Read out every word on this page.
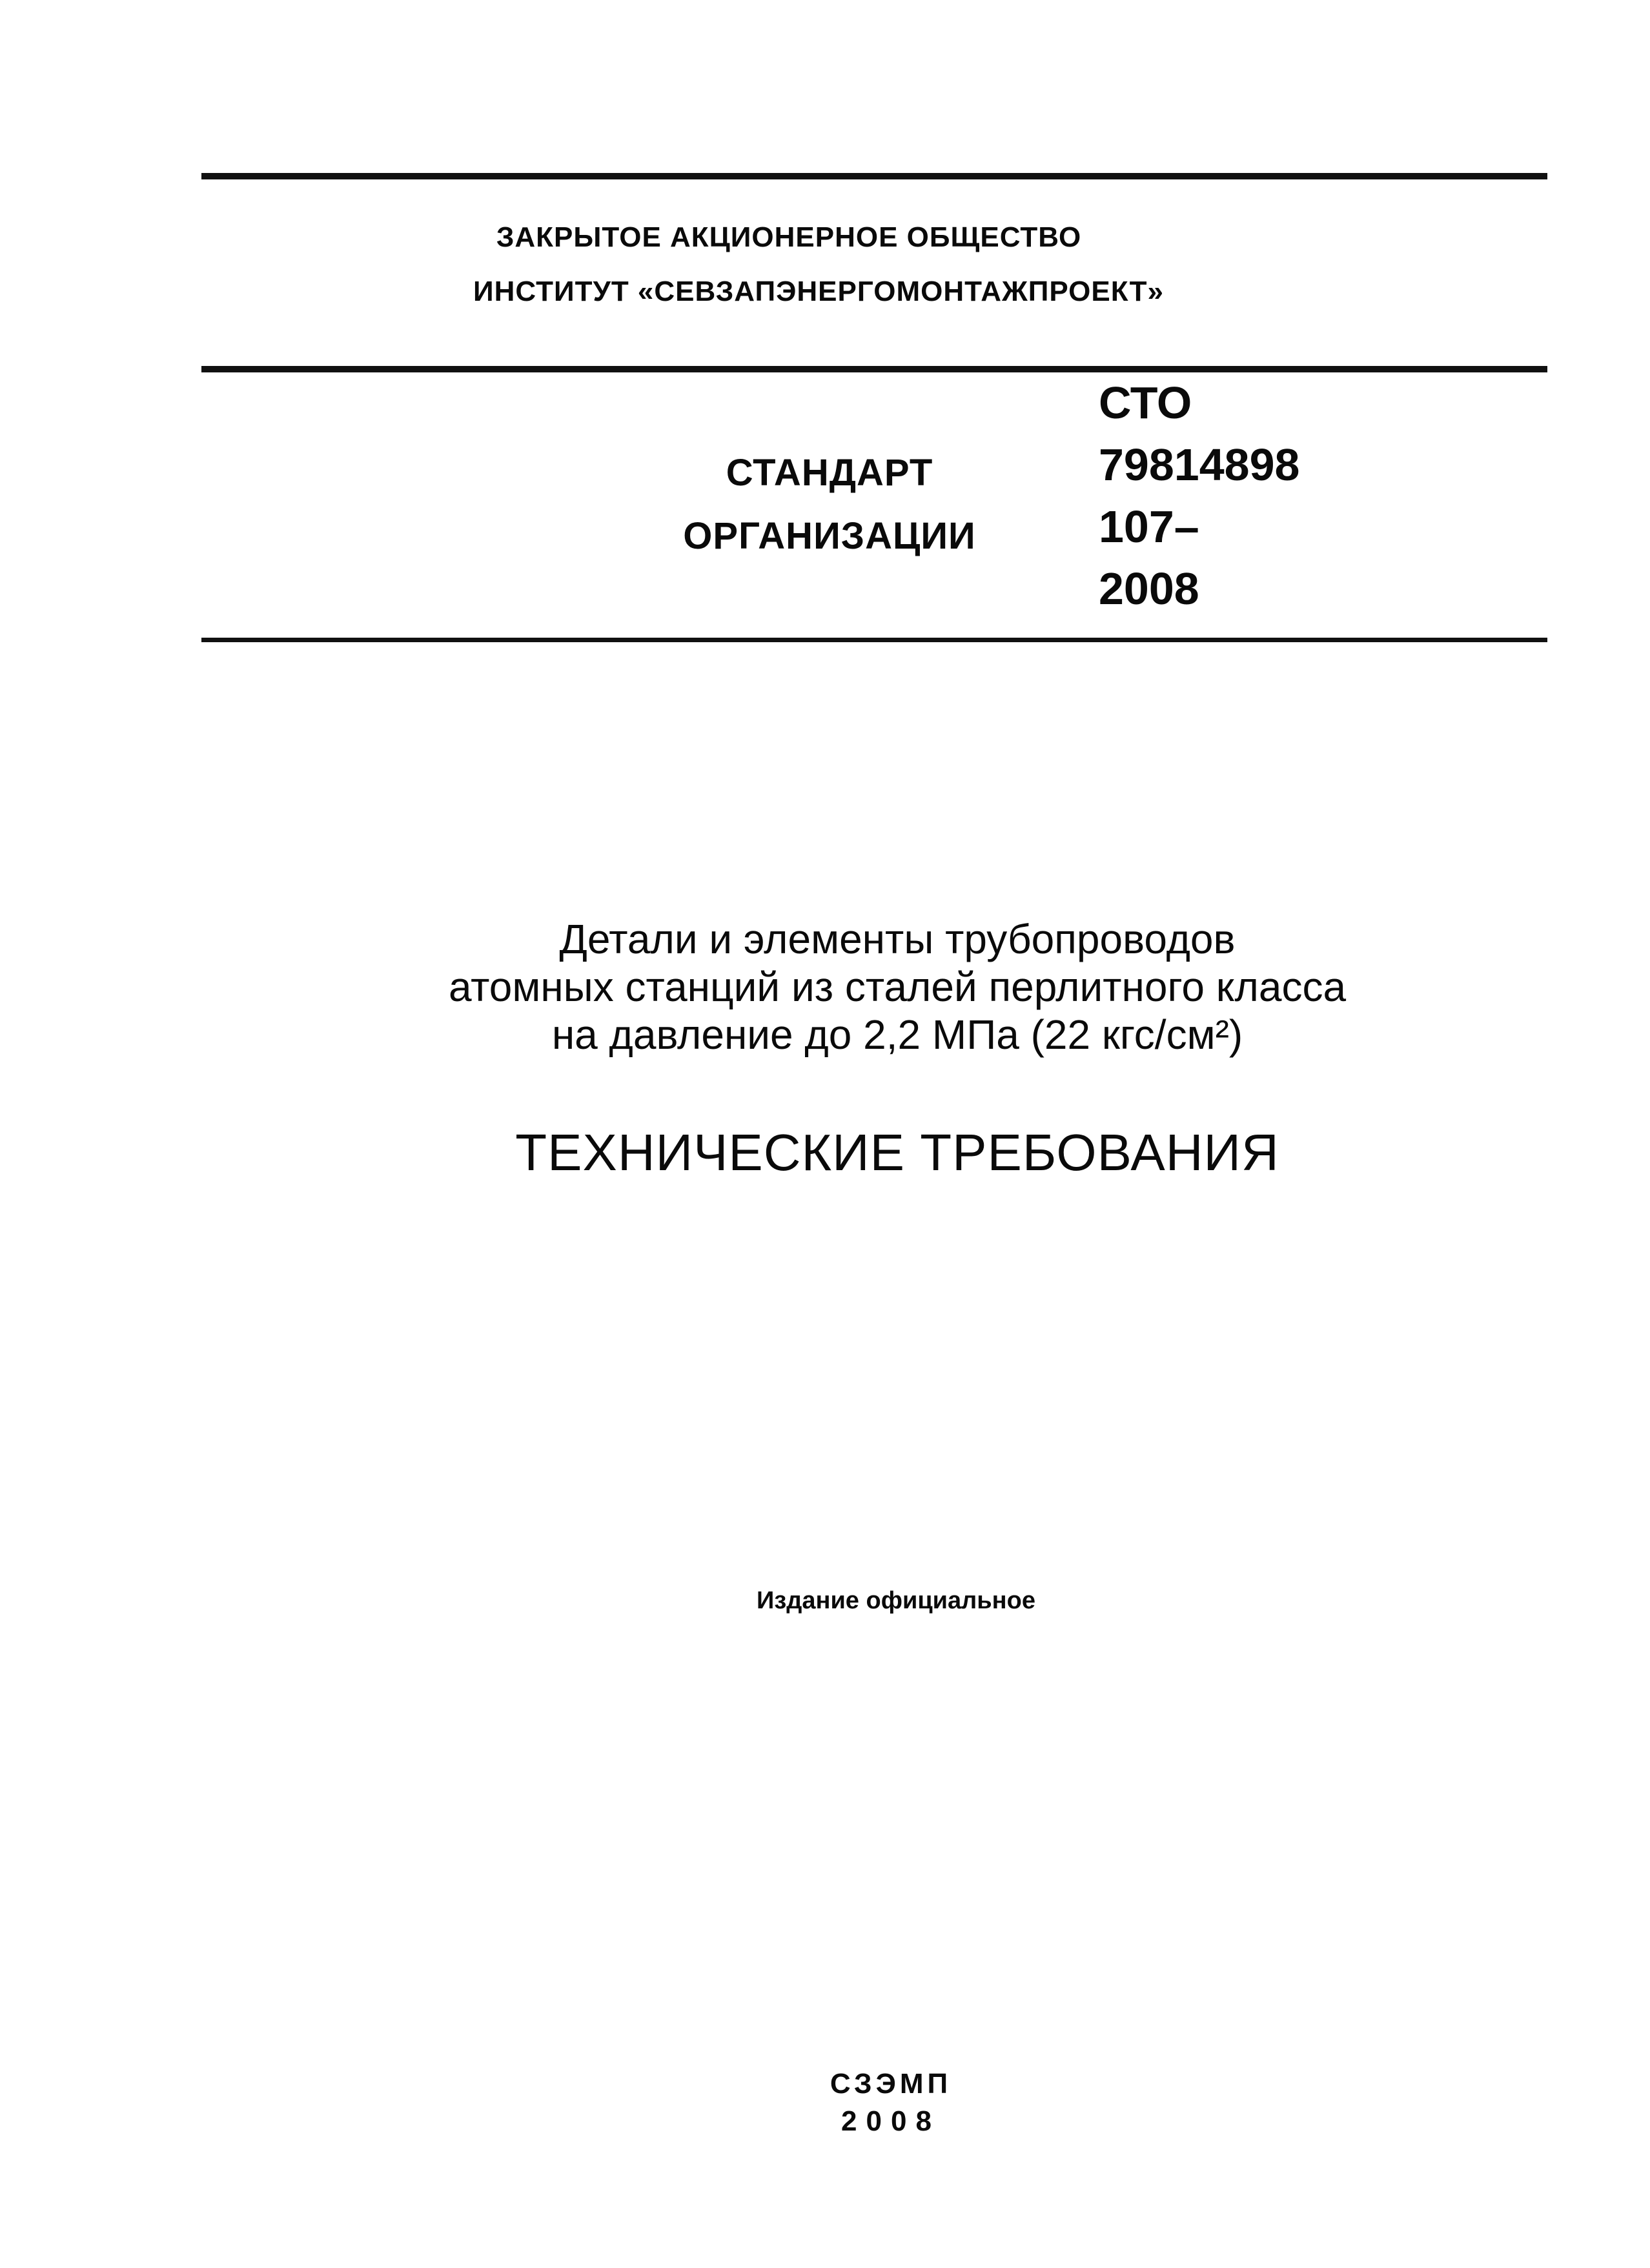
ЗАКРЫТОЕ АКЦИОНЕРНОЕ ОБЩЕСТВО
ИНСТИТУТ «СЕВЗАПЭНЕРГОМОНТАЖПРОЕКТ»
СТАНДАРТ
ОРГАНИЗАЦИИ
СТО
79814898
107–
2008
Детали и элементы трубопроводов
атомных станций из сталей перлитного класса
на давление до 2,2 МПа (22 кгс/см²)
ТЕХНИЧЕСКИЕ ТРЕБОВАНИЯ
Издание официальное
СЗЭМП
2008
